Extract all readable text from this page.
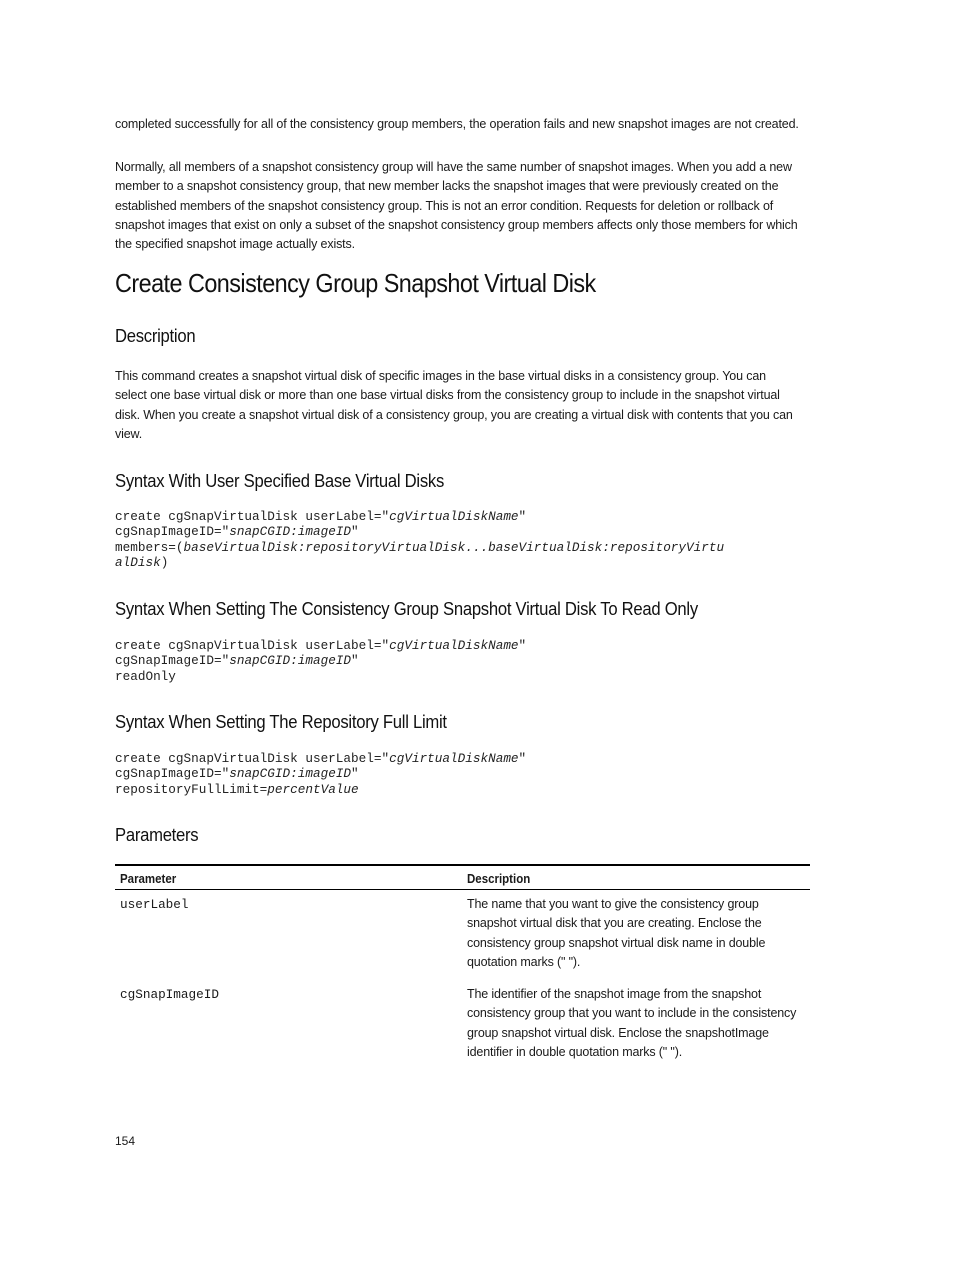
completed successfully for all of the consistency group members, the operation fails and new snapshot images are not created.

Normally, all members of a snapshot consistency group will have the same number of snapshot images. When you add a new member to a snapshot consistency group, that new member lacks the snapshot images that were previously created on the established members of the snapshot consistency group. This is not an error condition. Requests for deletion or rollback of snapshot images that exist on only a subset of the snapshot consistency group members affects only those members for which the specified snapshot image actually exists.

Create Consistency Group Snapshot Virtual Disk
Description

This command creates a snapshot virtual disk of specific images in the base virtual disks in a consistency group. You can select one base virtual disk or more than one base virtual disks from the consistency group to include in the snapshot virtual disk. When you create a snapshot virtual disk of a consistency group, you are creating a virtual disk with contents that you can view.

Syntax With User Specified Base Virtual Disks
create cgSnapVirtualDisk userLabel="cgVirtualDiskName"
cgSnapImageID="snapCGID:imageID"
members=(baseVirtualDisk:repositoryVirtualDisk...baseVirtualDisk:repositoryVirtu
alDisk)
Syntax When Setting The Consistency Group Snapshot Virtual Disk To Read Only
create cgSnapVirtualDisk userLabel="cgVirtualDiskName"
cgSnapImageID="snapCGID:imageID"
readOnly
Syntax When Setting The Repository Full Limit
create cgSnapVirtualDisk userLabel="cgVirtualDiskName"
cgSnapImageID="snapCGID:imageID"
repositoryFullLimit=percentValue
Parameters
Parameter	Description
userLabel	The name that you want to give the consistency group snapshot virtual disk that you are creating. Enclose the consistency group snapshot virtual disk name in double quotation marks (" ").
cgSnapImageID	The identifier of the snapshot image from the snapshot consistency group that you want to include in the consistency group snapshot virtual disk. Enclose the snapshotImage identifier in double quotation marks (" ").
154
